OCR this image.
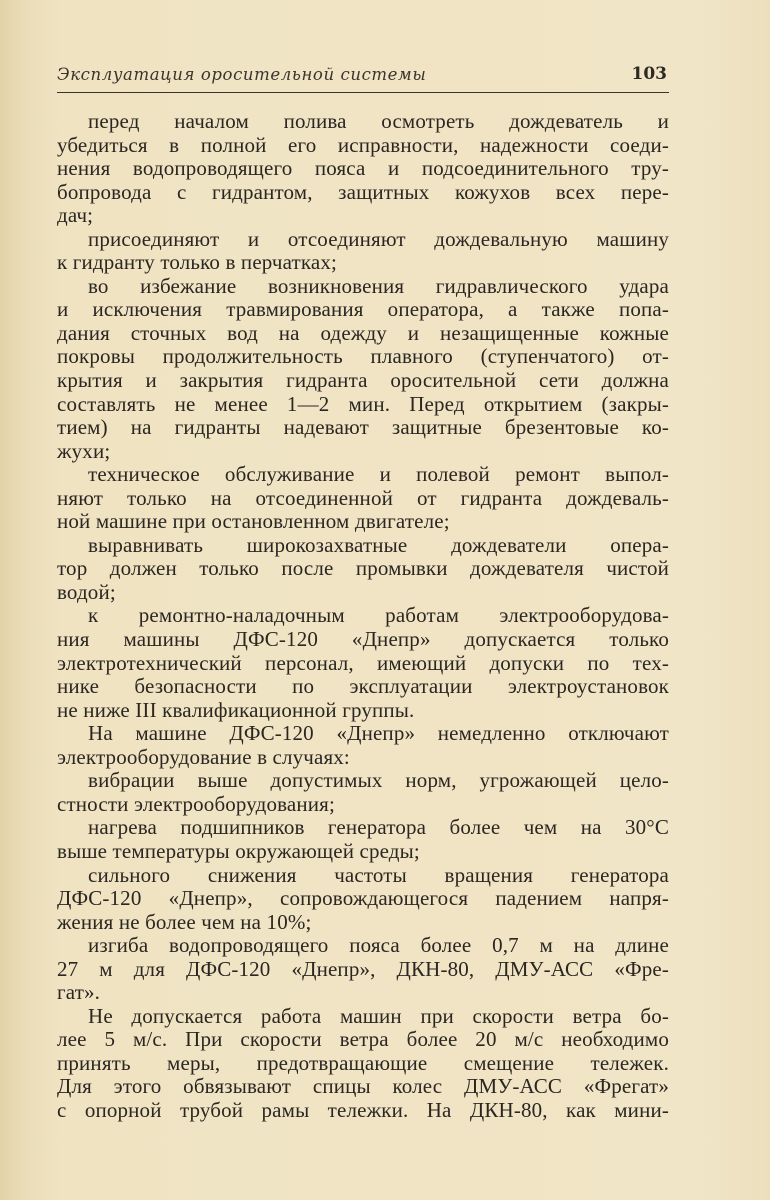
Эксплуатация оросительной системы	103
перед началом полива осмотреть дождеватель и
убедиться в полной его исправности, надежности соеди-
нения водопроводящего пояса и подсоединительного тру-
бопровода с гидрантом, защитных кожухов всех пере-
дач;
присоединяют и отсоединяют дождевальную машину
к гидранту только в перчатках;
во избежание возникновения гидравлического удара
и исключения травмирования оператора, а также попа-
дания сточных вод на одежду и незащищенные кожные
покровы продолжительность плавного (ступенчатого) от-
крытия и закрытия гидранта оросительной сети должна
составлять не менее 1—2 мин. Перед открытием (закры-
тием) на гидранты надевают защитные брезентовые ко-
жухи;
техническое обслуживание и полевой ремонт выпол-
няют только на отсоединенной от гидранта дождеваль-
ной машине при остановленном двигателе;
выравнивать широкозахватные дождеватели опера-
тор должен только после промывки дождевателя чистой
водой;
к ремонтно-наладочным работам электрооборудова-
ния машины ДФС-120 «Днепр» допускается только
электротехнический персонал, имеющий допуски по тех-
нике безопасности по эксплуатации электроустановок
не ниже III квалификационной группы.
На машине ДФС-120 «Днепр» немедленно отключают
электрооборудование в случаях:
вибрации выше допустимых норм, угрожающей цело-
стности электрооборудования;
нагрева подшипников генератора более чем на 30°С
выше температуры окружающей среды;
сильного снижения частоты вращения генератора
ДФС-120 «Днепр», сопровождающегося падением напря-
жения не более чем на 10%;
изгиба водопроводящего пояса более 0,7 м на длине
27 м для ДФС-120 «Днепр», ДКН-80, ДМУ-АСС «Фре-
гат».
Не допускается работа машин при скорости ветра бо-
лее 5 м/с. При скорости ветра более 20 м/с необходимо
принять меры, предотвращающие смещение тележек.
Для этого обвязывают спицы колес ДМУ-АСС «Фрегат»
с опорной трубой рамы тележки. На ДКН-80, как мини-
